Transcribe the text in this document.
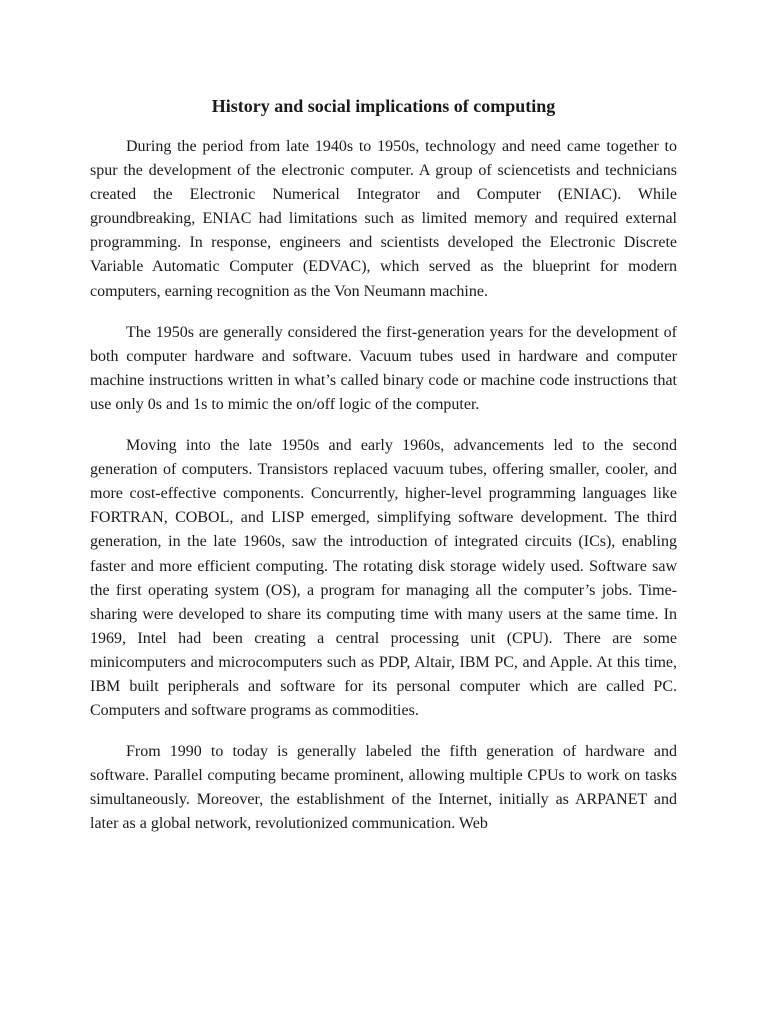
History and social implications of computing

During the period from late 1940s to 1950s, technology and need came together to spur the development of the electronic computer. A group of sciencetists and technicians created the Electronic Numerical Integrator and Computer (ENIAC). While groundbreaking, ENIAC had limitations such as limited memory and required external programming. In response, engineers and scientists developed the Electronic Discrete Variable Automatic Computer (EDVAC), which served as the blueprint for modern computers, earning recognition as the Von Neumann machine.

The 1950s are generally considered the first-generation years for the development of both computer hardware and software. Vacuum tubes used in hardware and computer machine instructions written in what’s called binary code or machine code instructions that use only 0s and 1s to mimic the on/off logic of the computer.

Moving into the late 1950s and early 1960s, advancements led to the second generation of computers. Transistors replaced vacuum tubes, offering smaller, cooler, and more cost-effective components. Concurrently, higher-level programming languages like FORTRAN, COBOL, and LISP emerged, simplifying software development. The third generation, in the late 1960s, saw the introduction of integrated circuits (ICs), enabling faster and more efficient computing. The rotating disk storage widely used. Software saw the first operating system (OS), a program for managing all the computer’s jobs. Time-sharing were developed to share its computing time with many users at the same time. In 1969, Intel had been creating a central processing unit (CPU). There are some minicomputers and microcomputers such as PDP, Altair, IBM PC, and Apple. At this time, IBM built peripherals and software for its personal computer which are called PC. Computers and software programs as commodities.

From 1990 to today is generally labeled the fifth generation of hardware and software. Parallel computing became prominent, allowing multiple CPUs to work on tasks simultaneously. Moreover, the establishment of the Internet, initially as ARPANET and later as a global network, revolutionized communication. Web
